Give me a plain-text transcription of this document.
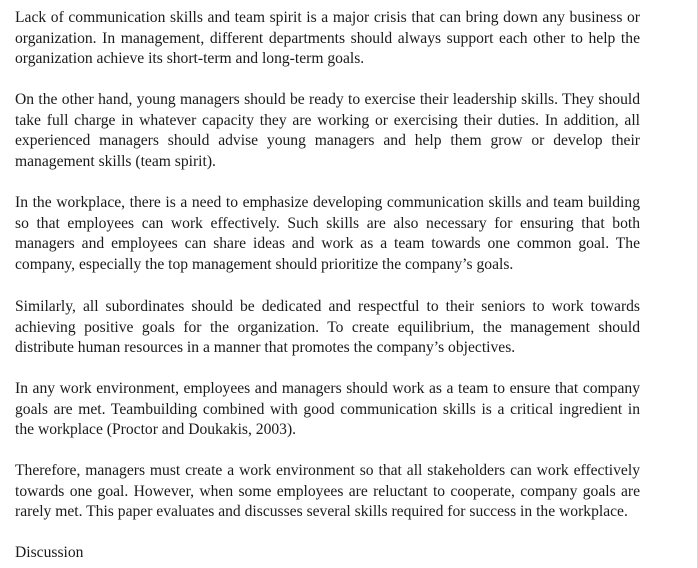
Lack of communication skills and team spirit is a major crisis that can bring down any business or organization. In management, different departments should always support each other to help the organization achieve its short-term and long-term goals.

On the other hand, young managers should be ready to exercise their leadership skills. They should take full charge in whatever capacity they are working or exercising their duties. In addition, all experienced managers should advise young managers and help them grow or develop their management skills (team spirit).

In the workplace, there is a need to emphasize developing communication skills and team building so that employees can work effectively. Such skills are also necessary for ensuring that both managers and employees can share ideas and work as a team towards one common goal. The company, especially the top management should prioritize the company’s goals.

Similarly, all subordinates should be dedicated and respectful to their seniors to work towards achieving positive goals for the organization. To create equilibrium, the management should distribute human resources in a manner that promotes the company’s objectives.

In any work environment, employees and managers should work as a team to ensure that company goals are met. Teambuilding combined with good communication skills is a critical ingredient in the workplace (Proctor and Doukakis, 2003).

Therefore, managers must create a work environment so that all stakeholders can work effectively towards one goal. However, when some employees are reluctant to cooperate, company goals are rarely met. This paper evaluates and discusses several skills required for success in the workplace.

Discussion
